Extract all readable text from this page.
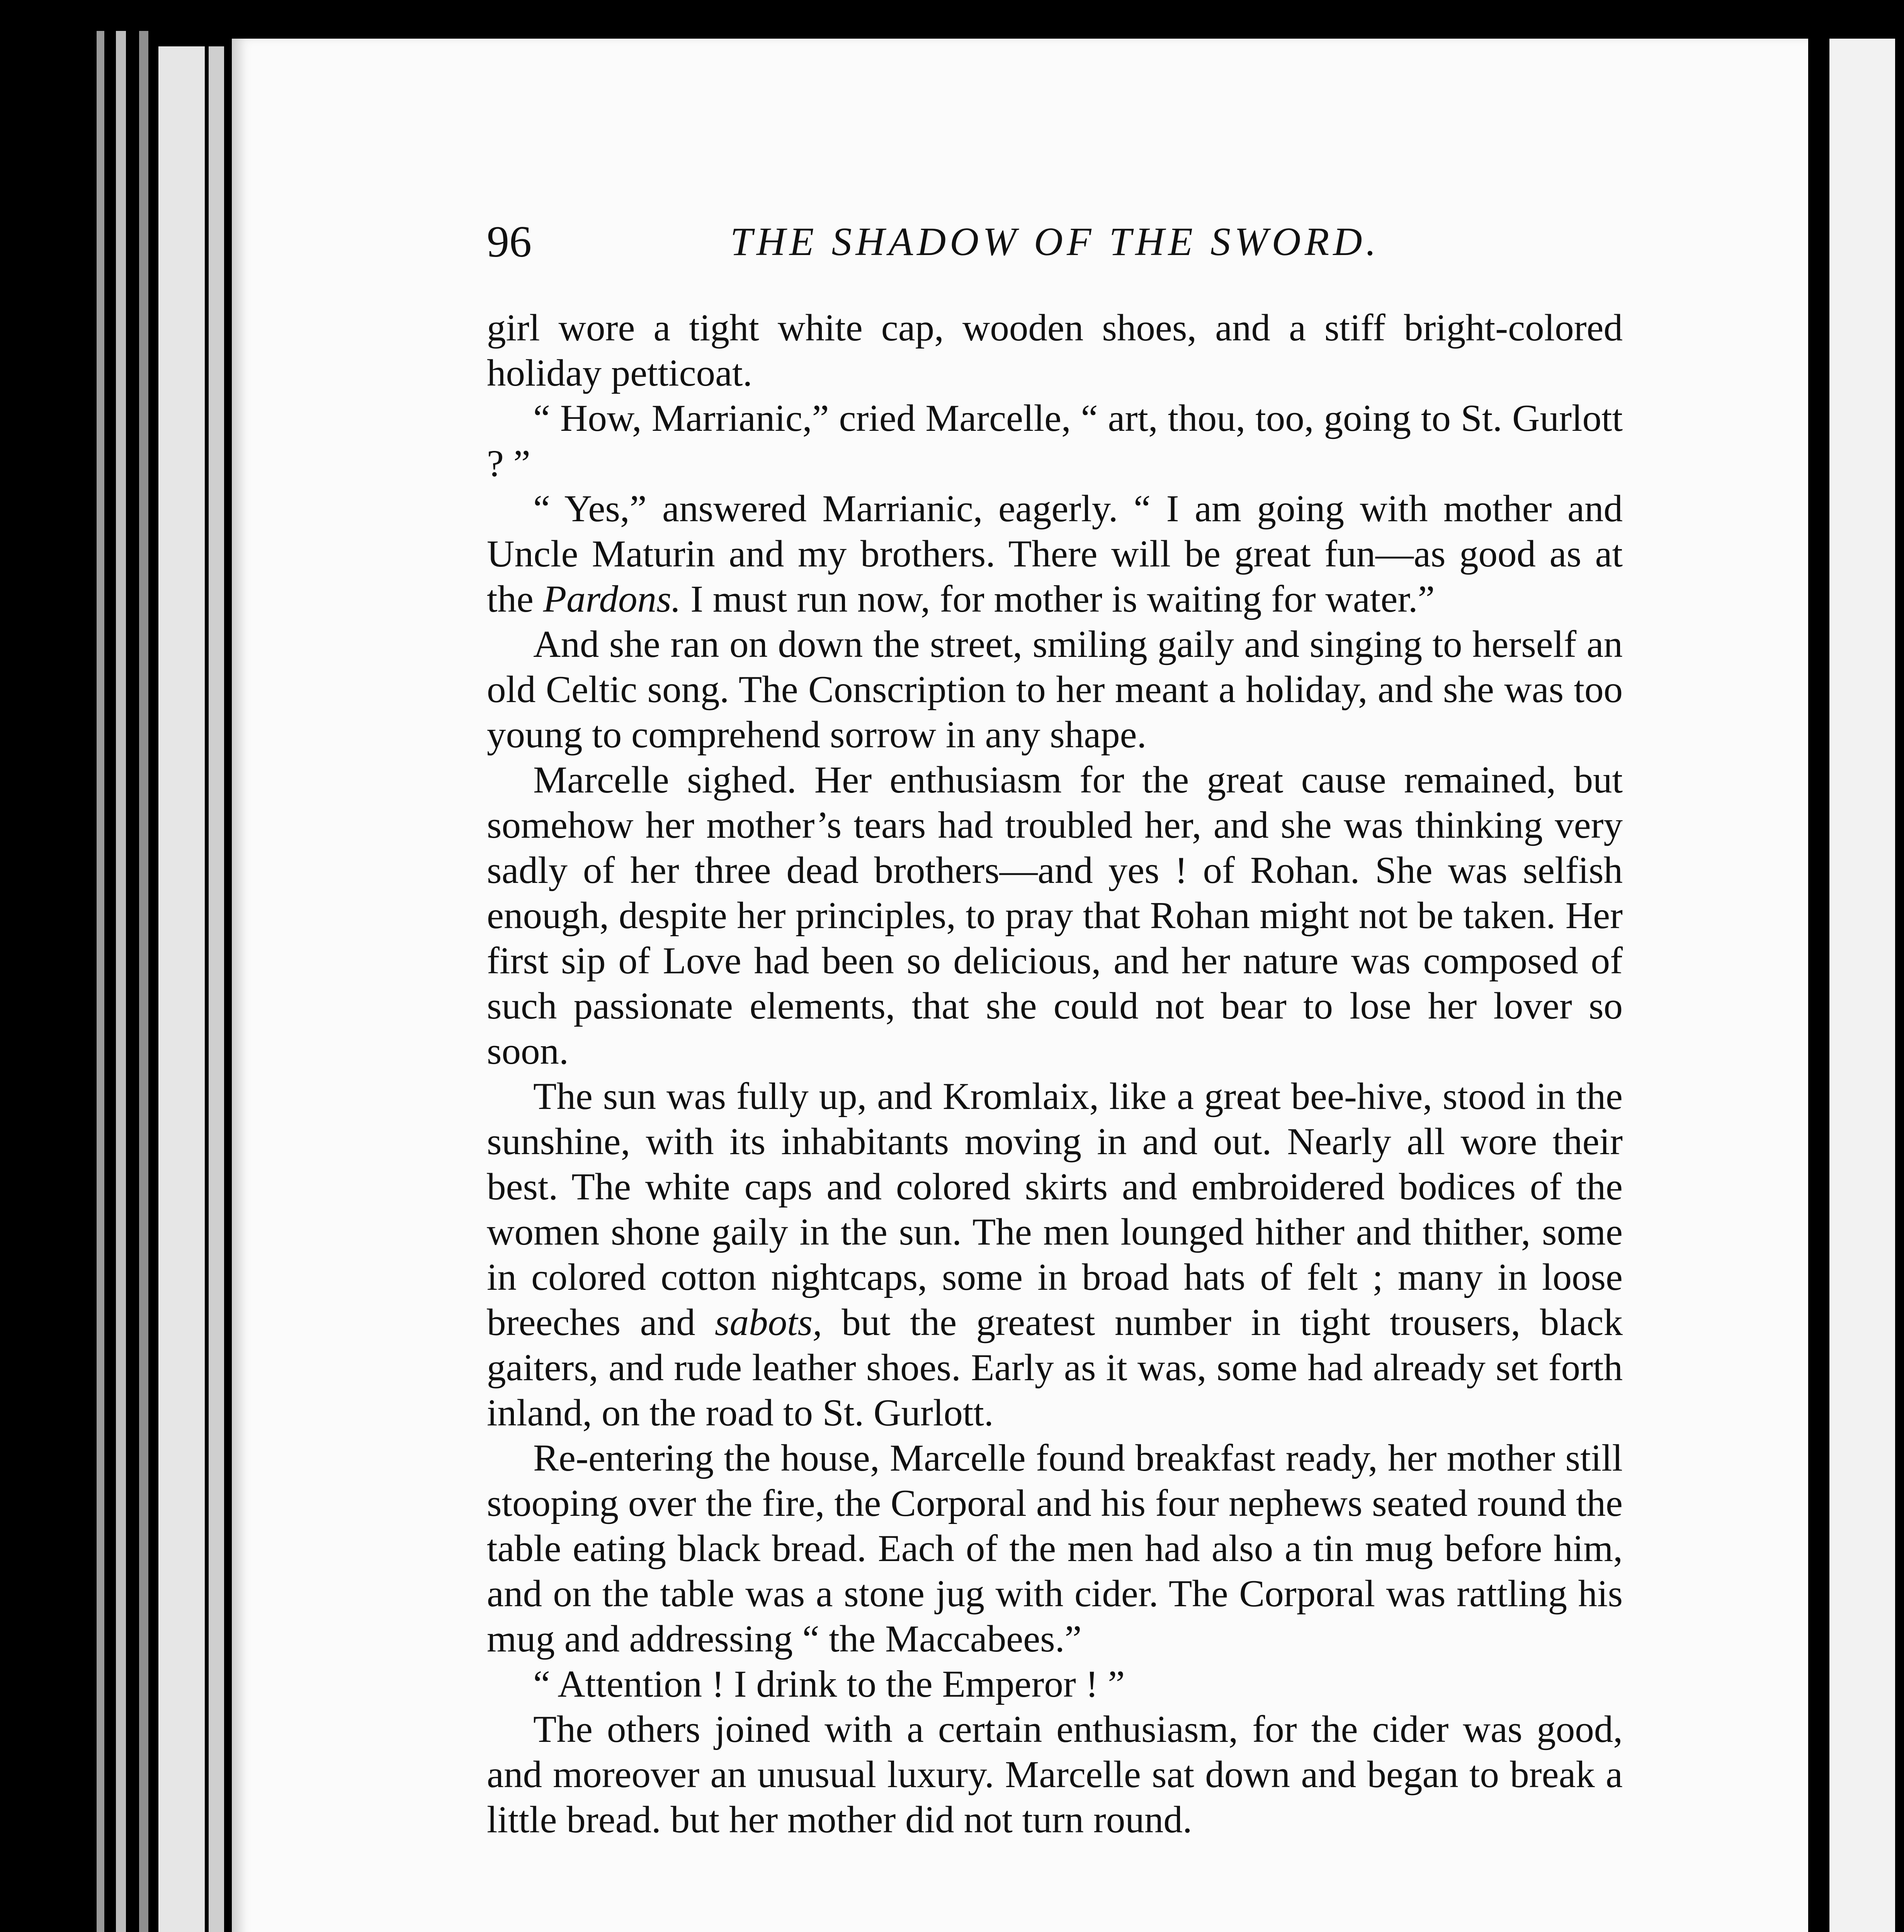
96	THE SHADOW OF THE SWORD.

girl wore a tight white cap, wooden shoes, and a stiff bright-colored holiday petticoat.

“ How, Marrianic,” cried Marcelle, “ art, thou, too, going to St. Gurlott ? ”

“ Yes,” answered Marrianic, eagerly. “ I am going with mother and Uncle Maturin and my brothers. There will be great fun—as good as at the Pardons. I must run now, for mother is waiting for water.”

And she ran on down the street, smiling gaily and singing to herself an old Celtic song. The Conscription to her meant a holiday, and she was too young to comprehend sorrow in any shape.

Marcelle sighed. Her enthusiasm for the great cause remained, but somehow her mother’s tears had troubled her, and she was thinking very sadly of her three dead brothers—and yes ! of Rohan. She was selfish enough, despite her principles, to pray that Rohan might not be taken. Her first sip of Love had been so delicious, and her nature was composed of such passionate elements, that she could not bear to lose her lover so soon.

The sun was fully up, and Kromlaix, like a great bee-hive, stood in the sunshine, with its inhabitants moving in and out. Nearly all wore their best. The white caps and colored skirts and embroidered bodices of the women shone gaily in the sun. The men lounged hither and thither, some in colored cotton nightcaps, some in broad hats of felt ; many in loose breeches and sabots, but the greatest number in tight trousers, black gaiters, and rude leather shoes. Early as it was, some had already set forth inland, on the road to St. Gurlott.

Re-entering the house, Marcelle found breakfast ready, her mother still stooping over the fire, the Corporal and his four nephews seated round the table eating black bread. Each of the men had also a tin mug before him, and on the table was a stone jug with cider. The Corporal was rattling his mug and addressing “ the Maccabees.”

“ Attention ! I drink to the Emperor ! ”

The others joined with a certain enthusiasm, for the cider was good, and moreover an unusual luxury. Marcelle sat down and began to break a little bread. but her mother did not turn round.
